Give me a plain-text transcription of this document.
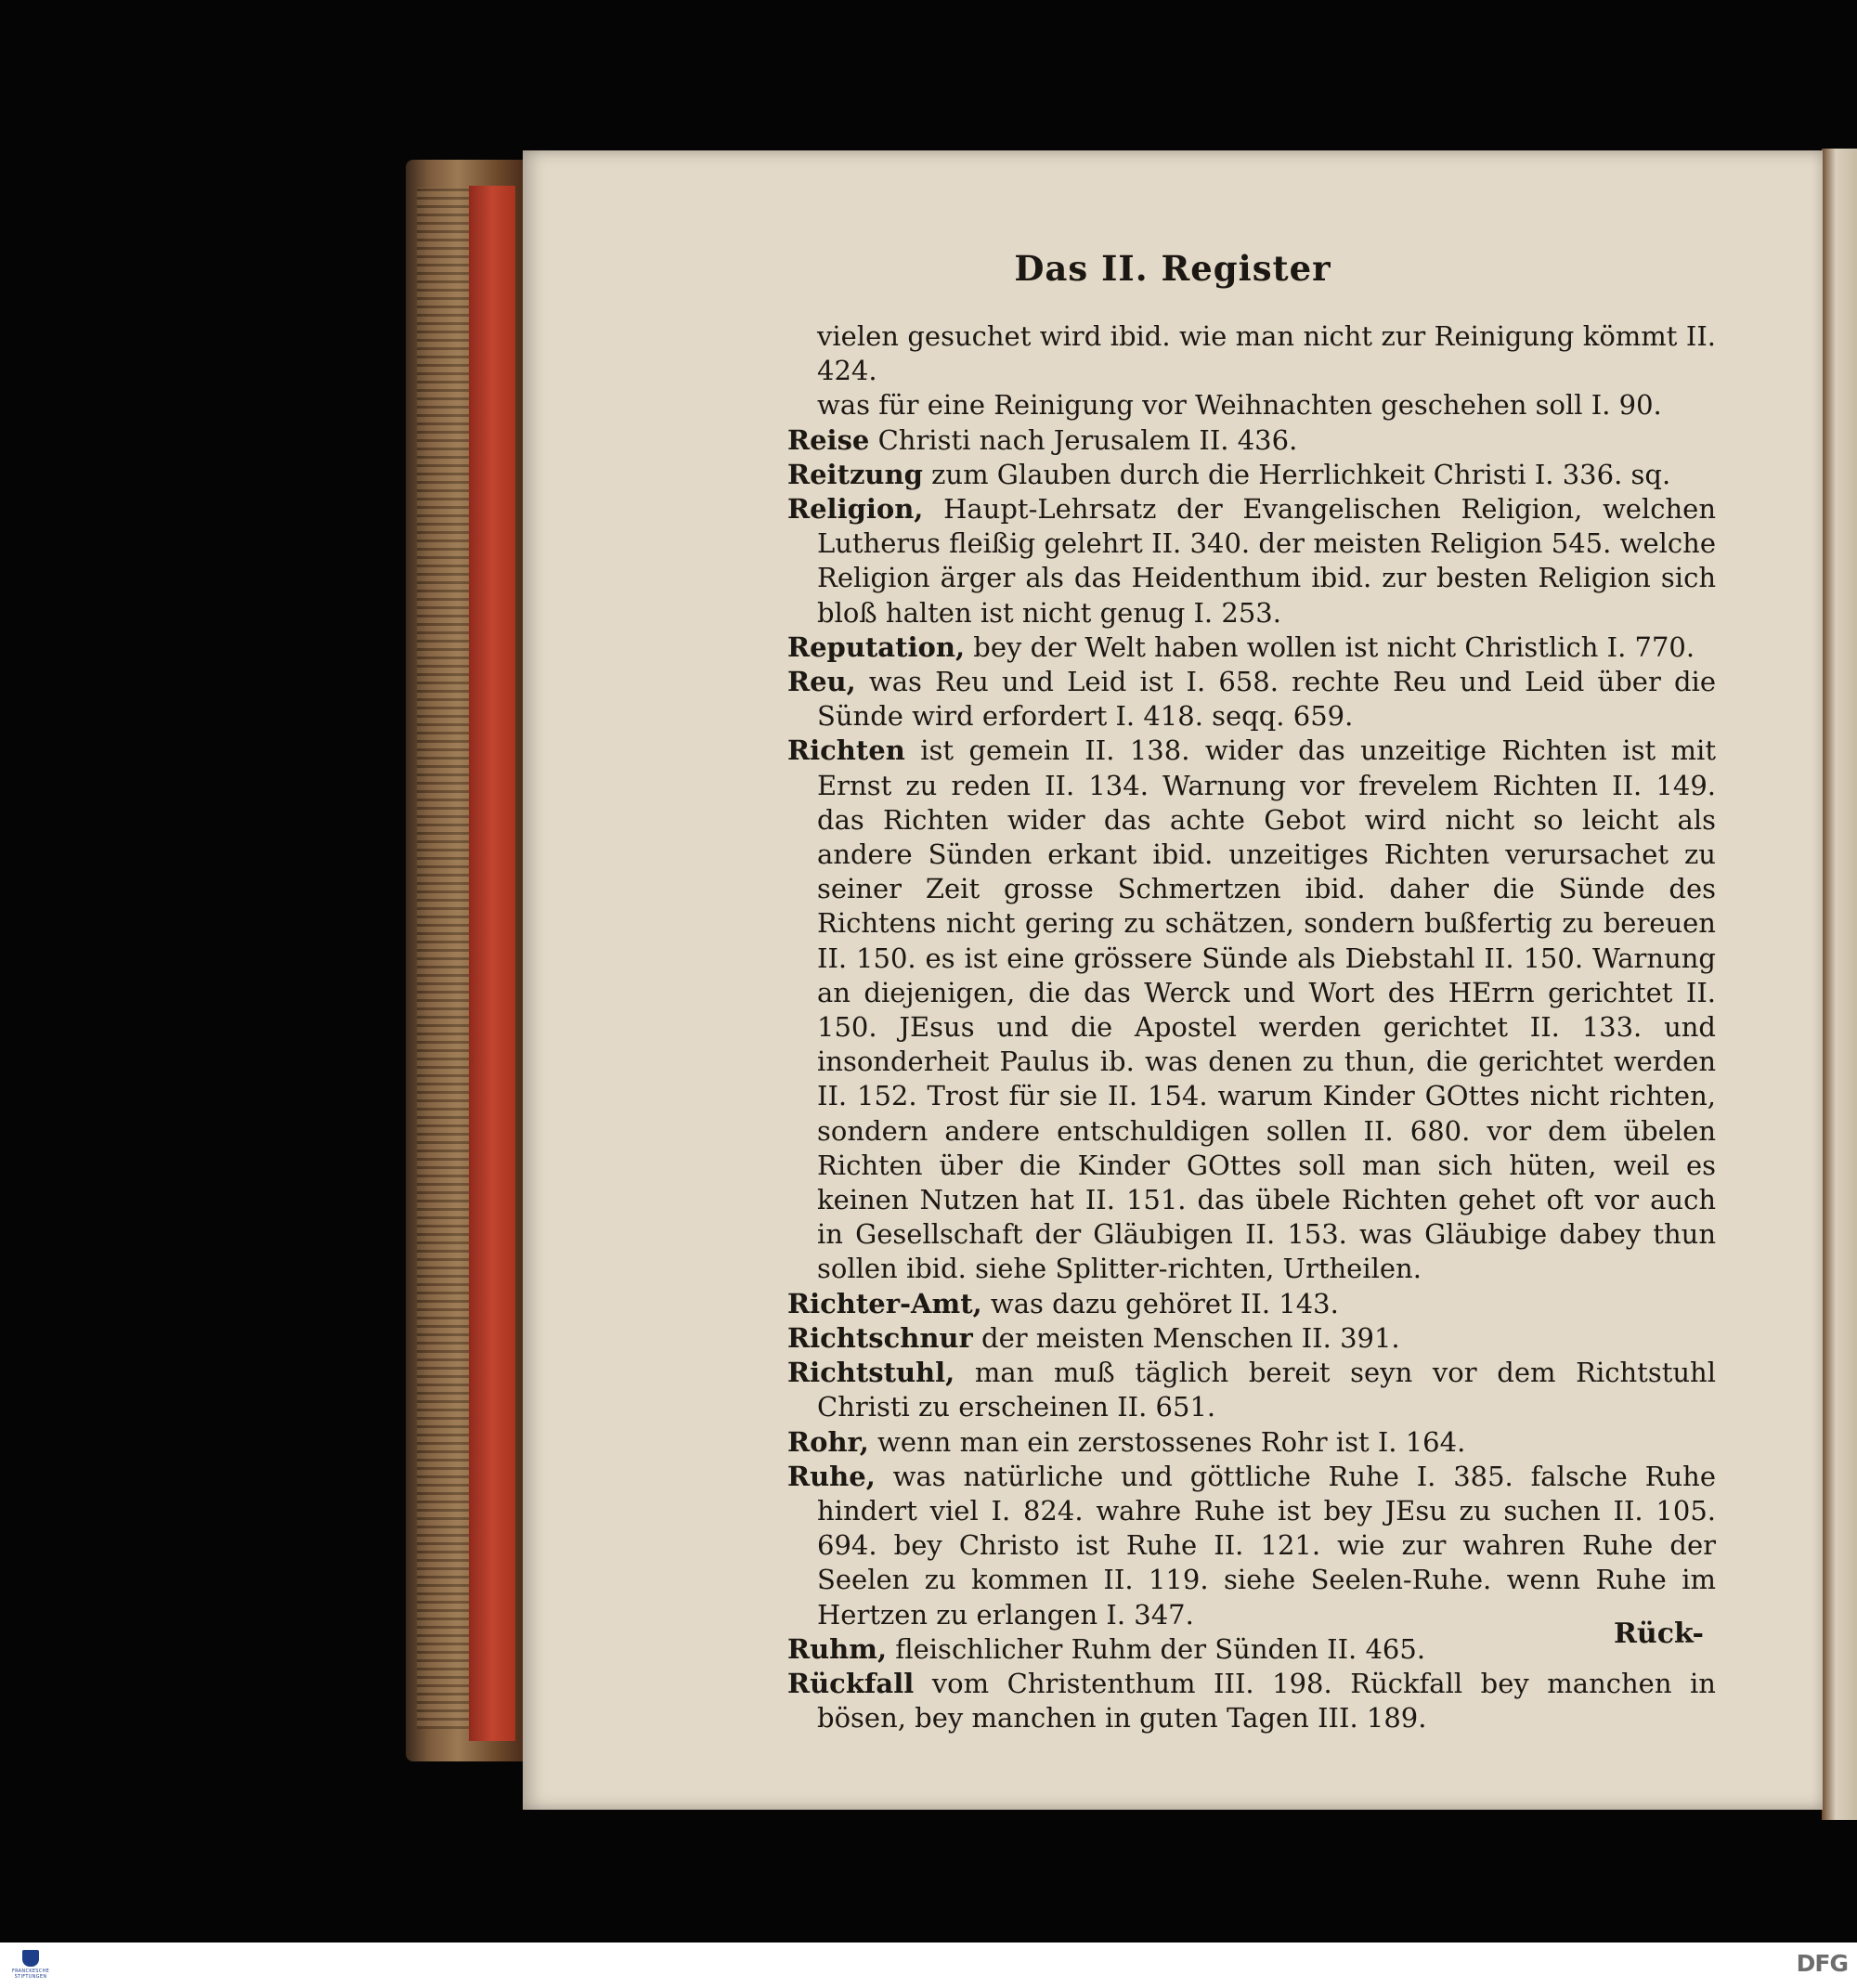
Das II. Register

vielen gesuchet wird ibid. wie man nicht zur Reinigung kömmt II. 424.

was für eine Reinigung vor Weihnachten geschehen soll I. 90.

Reise Christi nach Jerusalem II. 436.

Reitzung zum Glauben durch die Herrlichkeit Christi I. 336. sq.

Religion, Haupt-Lehrsatz der Evangelischen Religion, welchen Lutherus fleißig gelehrt II. 340. der meisten Religion 545. welche Religion ärger als das Heidenthum ibid. zur besten Religion sich bloß halten ist nicht genug I. 253.

Reputation, bey der Welt haben wollen ist nicht Christlich I. 770.

Reu, was Reu und Leid ist I. 658. rechte Reu und Leid über die Sünde wird erfordert I. 418. seqq. 659.

Richten ist gemein II. 138. wider das unzeitige Richten ist mit Ernst zu reden II. 134. Warnung vor frevelem Richten II. 149. das Richten wider das achte Gebot wird nicht so leicht als andere Sünden erkant ibid. unzeitiges Richten verursachet zu seiner Zeit grosse Schmertzen ibid. daher die Sünde des Richtens nicht gering zu schätzen, sondern bußfertig zu bereuen II. 150. es ist eine grössere Sünde als Diebstahl II. 150. Warnung an diejenigen, die das Werck und Wort des HErrn gerichtet II. 150. JEsus und die Apostel werden gerichtet II. 133. und insonderheit Paulus ib. was denen zu thun, die gerichtet werden II. 152. Trost für sie II. 154. warum Kinder GOttes nicht richten, sondern andere entschuldigen sollen II. 680. vor dem übelen Richten über die Kinder GOttes soll man sich hüten, weil es keinen Nutzen hat II. 151. das übele Richten gehet oft vor auch in Gesellschaft der Gläubigen II. 153. was Gläubige dabey thun sollen ibid. siehe Splitter-richten, Urtheilen.

Richter-Amt, was dazu gehöret II. 143.

Richtschnur der meisten Menschen II. 391.

Richtstuhl, man muß täglich bereit seyn vor dem Richtstuhl Christi zu erscheinen II. 651.

Rohr, wenn man ein zerstossenes Rohr ist I. 164.

Ruhe, was natürliche und göttliche Ruhe I. 385. falsche Ruhe hindert viel I. 824. wahre Ruhe ist bey JEsu zu suchen II. 105. 694. bey Christo ist Ruhe II. 121. wie zur wahren Ruhe der Seelen zu kommen II. 119. siehe Seelen-Ruhe. wenn Ruhe im Hertzen zu erlangen I. 347.

Ruhm, fleischlicher Ruhm der Sünden II. 465.

Rückfall vom Christenthum III. 198. Rückfall bey manchen in bösen, bey manchen in guten Tagen III. 189.

Rück-
FRANCKESCHE STIFTUNGEN	DFG
